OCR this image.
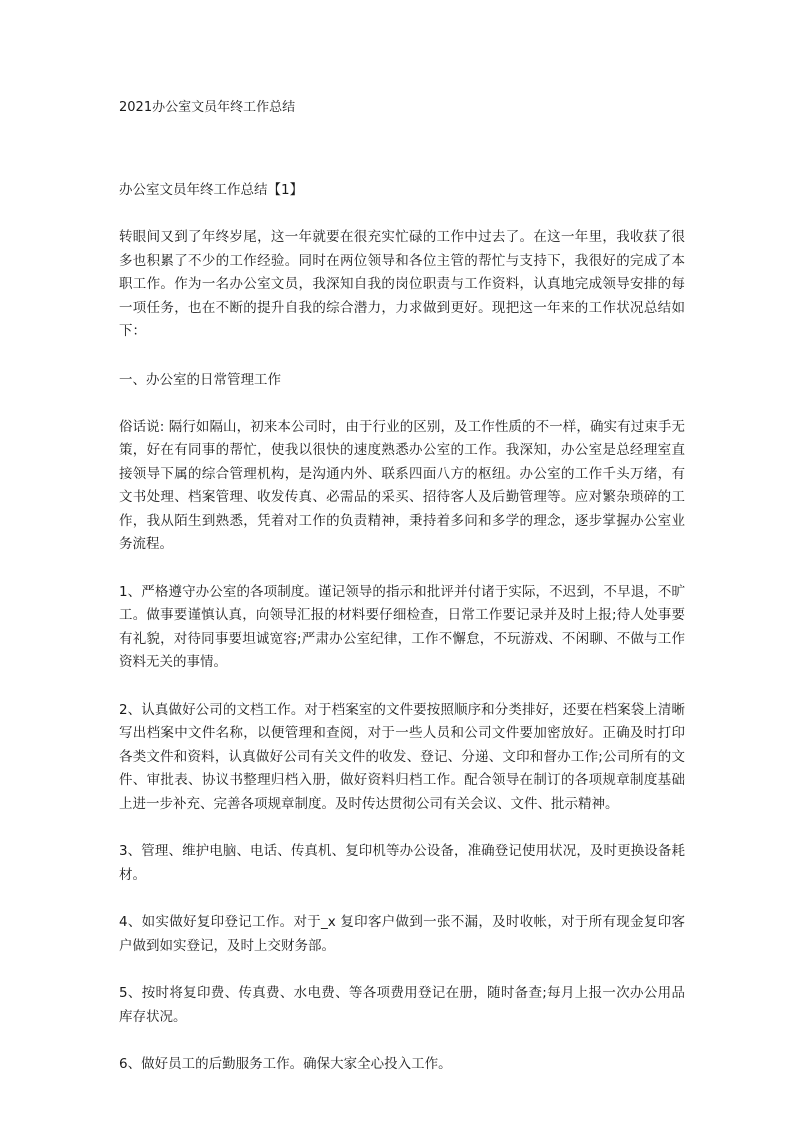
2021办公室文员年终工作总结

办公室文员年终工作总结【1】

转眼间又到了年终岁尾，这一年就要在很充实忙碌的工作中过去了。在这一年里，我收获了很多也积累了不少的工作经验。同时在两位领导和各位主管的帮忙与支持下，我很好的完成了本职工作。作为一名办公室文员，我深知自我的岗位职责与工作资料，认真地完成领导安排的每一项任务，也在不断的提升自我的综合潜力，力求做到更好。现把这一年来的工作状况总结如下：

一、办公室的日常管理工作

俗话说: 隔行如隔山，初来本公司时，由于行业的区别，及工作性质的不一样，确实有过束手无策，好在有同事的帮忙，使我以很快的速度熟悉办公室的工作。我深知，办公室是总经理室直接领导下属的综合管理机构，是沟通内外、联系四面八方的枢纽。办公室的工作千头万绪，有文书处理、档案管理、收发传真、必需品的采买、招待客人及后勤管理等。应对繁杂琐碎的工作，我从陌生到熟悉，凭着对工作的负责精神，秉持着多问和多学的理念，逐步掌握办公室业务流程。

1、严格遵守办公室的各项制度。谨记领导的指示和批评并付诸于实际，不迟到，不早退，不旷工。做事要谨慎认真，向领导汇报的材料要仔细检查，日常工作要记录并及时上报;待人处事要有礼貌，对待同事要坦诚宽容;严肃办公室纪律，工作不懈怠，不玩游戏、不闲聊、不做与工作资料无关的事情。

2、认真做好公司的文档工作。对于档案室的文件要按照顺序和分类排好，还要在档案袋上清晰写出档案中文件名称，以便管理和查阅，对于一些人员和公司文件要加密放好。正确及时打印各类文件和资料，认真做好公司有关文件的收发、登记、分递、文印和督办工作;公司所有的文件、审批表、协议书整理归档入册，做好资料归档工作。配合领导在制订的各项规章制度基础上进一步补充、完善各项规章制度。及时传达贯彻公司有关会议、文件、批示精神。

3、管理、维护电脑、电话、传真机、复印机等办公设备，准确登记使用状况，及时更换设备耗材。

4、如实做好复印登记工作。对于_x 复印客户做到一张不漏，及时收帐，对于所有现金复印客户做到如实登记，及时上交财务部。

5、按时将复印费、传真费、水电费、等各项费用登记在册，随时备查;每月上报一次办公用品库存状况。

6、做好员工的后勤服务工作。确保大家全心投入工作。
